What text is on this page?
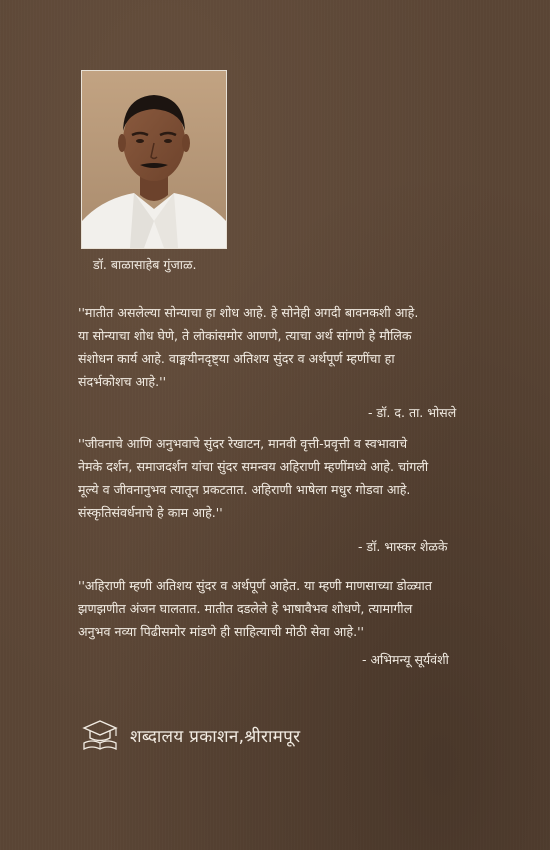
डॉ. बाळासाहेब गुंजाळ.
''मातीत असलेल्या सोन्याचा हा शोध आहे. हे सोनेही अगदी बावनकशी आहे.
या सोन्याचा शोध घेणे, ते लोकांसमोर आणणे, त्याचा अर्थ सांगणे हे मौलिक
संशोधन कार्य आहे. वाङ्मयीनदृष्ट्या अतिशय सुंदर व अर्थपूर्ण म्हणींचा हा
संदर्भकोशच आहे.''
- डॉ. द. ता. भोसले
''जीवनाचे आणि अनुभवाचे सुंदर रेखाटन, मानवी वृत्ती-प्रवृत्ती व स्वभावाचे
नेमके दर्शन, समाजदर्शन यांचा सुंदर समन्वय अहिराणी म्हणींमध्ये आहे. चांगली
मूल्ये व जीवनानुभव त्यातून प्रकटतात. अहिराणी भाषेला मधुर गोडवा आहे.
संस्कृतिसंवर्धनाचे हे काम आहे.''
- डॉ. भास्कर शेळके
''अहिराणी म्हणी अतिशय सुंदर व अर्थपूर्ण आहेत. या म्हणी माणसाच्या डोळ्यात
झणझणीत अंजन घालतात. मातीत दडलेले हे भाषावैभव शोधणे, त्यामागील
अनुभव नव्या पिढीसमोर मांडणे ही साहित्याची मोठी सेवा आहे.''
- अभिमन्यू सूर्यवंशी
शब्दालय प्रकाशन,श्रीरामपूर
